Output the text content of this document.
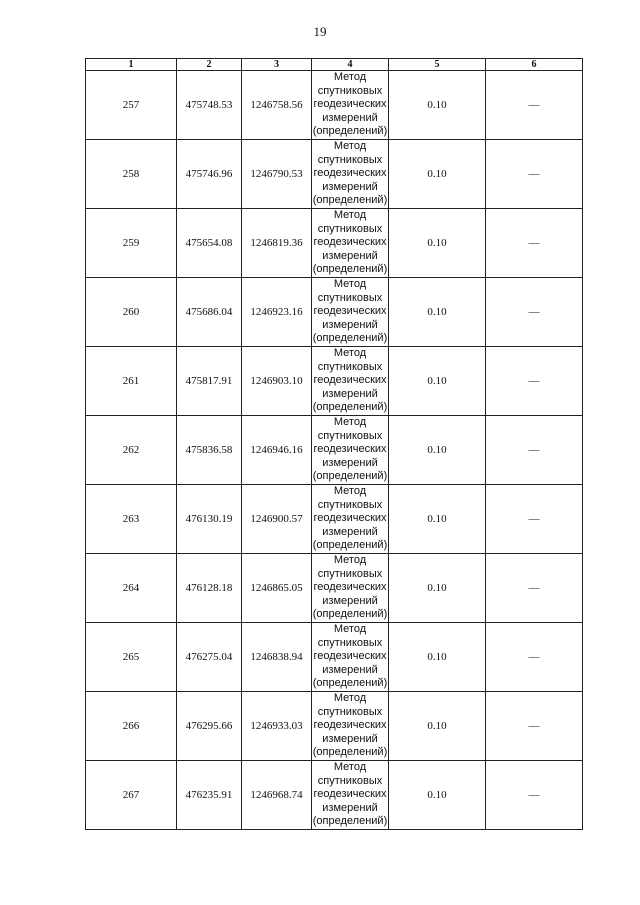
19
1	2	3	4	5	6
257	475748.53	1246758.56	Метод
спутниковых
геодезических
измерений
(определений)	0.10	—
258	475746.96	1246790.53	Метод
спутниковых
геодезических
измерений
(определений)	0.10	—
259	475654.08	1246819.36	Метод
спутниковых
геодезических
измерений
(определений)	0.10	—
260	475686.04	1246923.16	Метод
спутниковых
геодезических
измерений
(определений)	0.10	—
261	475817.91	1246903.10	Метод
спутниковых
геодезических
измерений
(определений)	0.10	—
262	475836.58	1246946.16	Метод
спутниковых
геодезических
измерений
(определений)	0.10	—
263	476130.19	1246900.57	Метод
спутниковых
геодезических
измерений
(определений)	0.10	—
264	476128.18	1246865.05	Метод
спутниковых
геодезических
измерений
(определений)	0.10	—
265	476275.04	1246838.94	Метод
спутниковых
геодезических
измерений
(определений)	0.10	—
266	476295.66	1246933.03	Метод
спутниковых
геодезических
измерений
(определений)	0.10	—
267	476235.91	1246968.74	Метод
спутниковых
геодезических
измерений
(определений)	0.10	—
